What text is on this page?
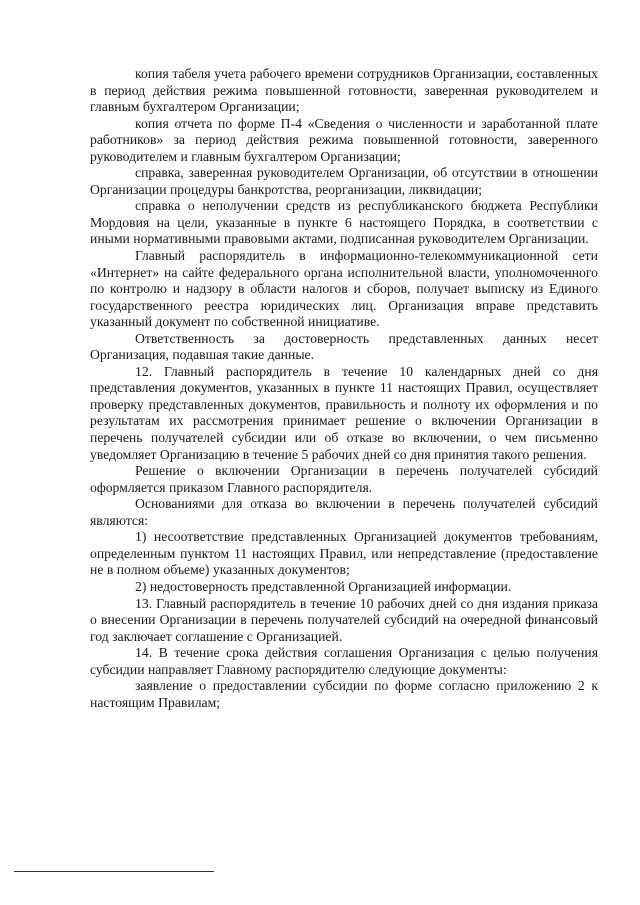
копия табеля учета рабочего времени сотрудников Организации, составленных в период действия режима повышенной готовности, заверенная руководителем и главным бухгалтером Организации;

копия отчета по форме П-4 «Сведения о численности и заработанной плате работников» за период действия режима повышенной готовности, заверенного руководителем и главным бухгалтером Организации;

справка, заверенная руководителем Организации, об отсутствии в отношении Организации процедуры банкротства, реорганизации, ликвидации;

справка о неполучении средств из республиканского бюджета Республики Мордовия на цели, указанные в пункте 6 настоящего Порядка, в соответствии с иными нормативными правовыми актами, подписанная руководителем Организации.

Главный распорядитель в информационно-телекоммуникационной сети «Интернет» на сайте федерального органа исполнительной власти, уполномоченного по контролю и надзору в области налогов и сборов, получает выписку из Единого государственного реестра юридических лиц. Организация вправе представить указанный документ по собственной инициативе.

Ответственность за достоверность представленных данных несет Организация, подавшая такие данные.

12. Главный распорядитель в течение 10 календарных дней со дня представления документов, указанных в пункте 11 настоящих Правил, осуществляет проверку представленных документов, правильность и полноту их оформления и по результатам их рассмотрения принимает решение о включении Организации в перечень получателей субсидии или об отказе во включении, о чем письменно уведомляет Организацию в течение 5 рабочих дней со дня принятия такого решения.

Решение о включении Организации в перечень получателей субсидий оформляется приказом Главного распорядителя.

Основаниями для отказа во включении в перечень получателей субсидий являются:

1) несоответствие представленных Организацией документов требованиям, определенным пунктом 11 настоящих Правил, или непредставление (предоставление не в полном объеме) указанных документов;

2) недостоверность представленной Организацией информации.

13. Главный распорядитель в течение 10 рабочих дней со дня издания приказа о внесении Организации в перечень получателей субсидий на очередной финансовый год заключает соглашение с Организацией.

14. В течение срока действия соглашения Организация с целью получения субсидии направляет Главному распорядителю следующие документы:

заявление о предоставлении субсидии по форме согласно приложению 2 к настоящим Правилам;
